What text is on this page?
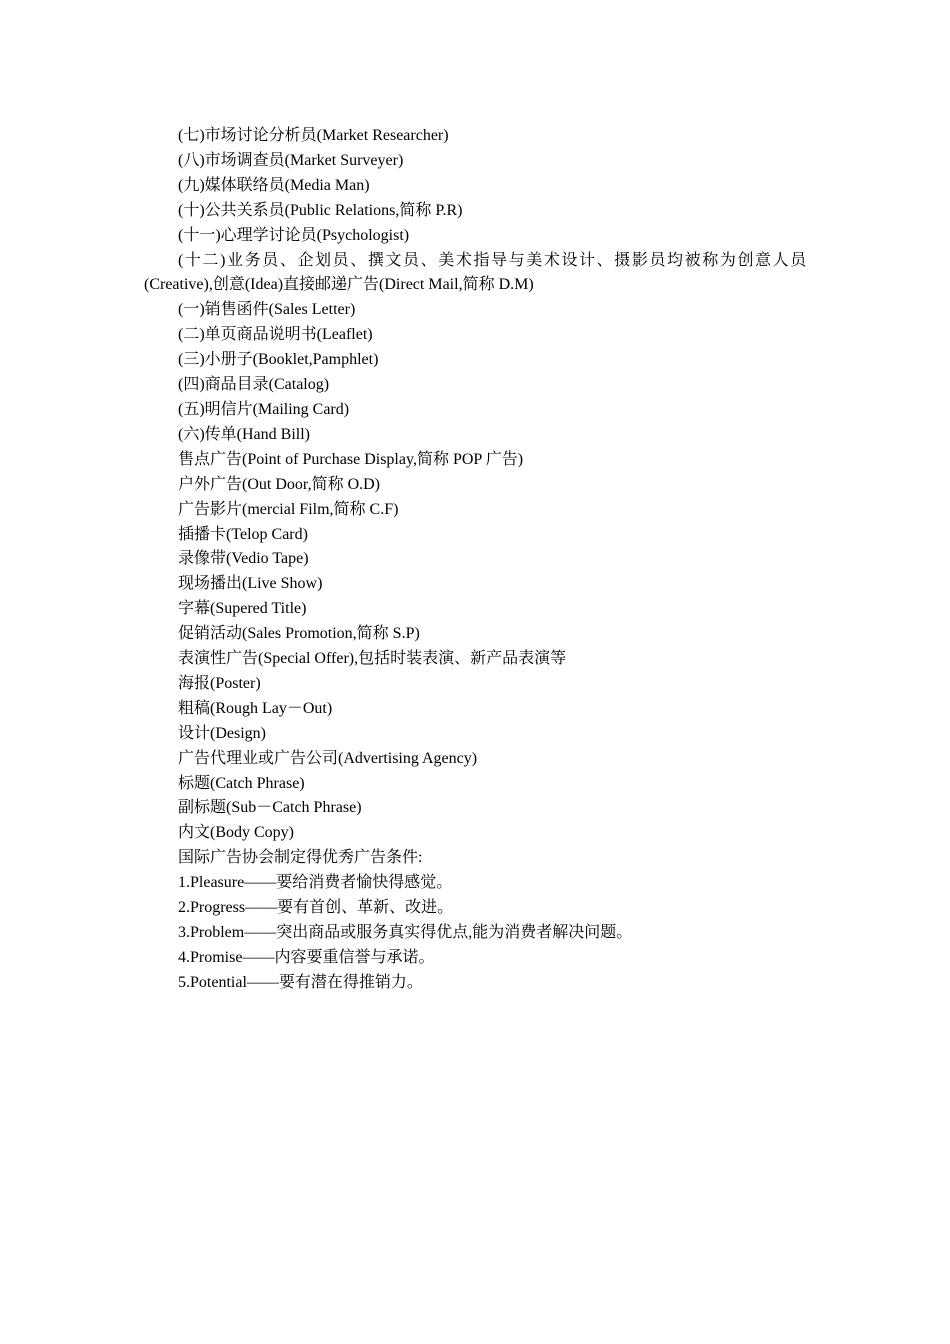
(七)市场讨论分析员(Market Researcher)

(八)市场调查员(Market Surveyer)

(九)媒体联络员(Media Man)

(十)公共关系员(Public Relations,简称 P.R)

(十一)心理学讨论员(Psychologist)

(十二)业务员、企划员、撰文员、美术指导与美术设计、摄影员均被称为创意人员

(Creative),创意(Idea)直接邮递广告(Direct Mail,简称 D.M)

(一)销售函件(Sales Letter)

(二)单页商品说明书(Leaflet)

(三)小册子(Booklet,Pamphlet)

(四)商品目录(Catalog)

(五)明信片(Mailing Card)

(六)传单(Hand Bill)

售点广告(Point of Purchase Display,简称 POP 广告)

户外广告(Out Door,简称 O.D)

广告影片(mercial Film,简称 C.F)

插播卡(Telop Card)

录像带(Vedio Tape)

现场播出(Live Show)

字幕(Supered Title)

促销活动(Sales Promotion,简称 S.P)

表演性广告(Special Offer),包括时装表演、新产品表演等

海报(Poster)

粗稿(Rough Lay－Out)

设计(Design)

广告代理业或广告公司(Advertising Agency)

标题(Catch Phrase)

副标题(Sub－Catch Phrase)

内文(Body Copy)

国际广告协会制定得优秀广告条件:

1.Pleasure——要给消费者愉快得感觉。

2.Progress——要有首创、革新、改进。

3.Problem——突出商品或服务真实得优点,能为消费者解决问题。

4.Promise——内容要重信誉与承诺。

5.Potential——要有潜在得推销力。
